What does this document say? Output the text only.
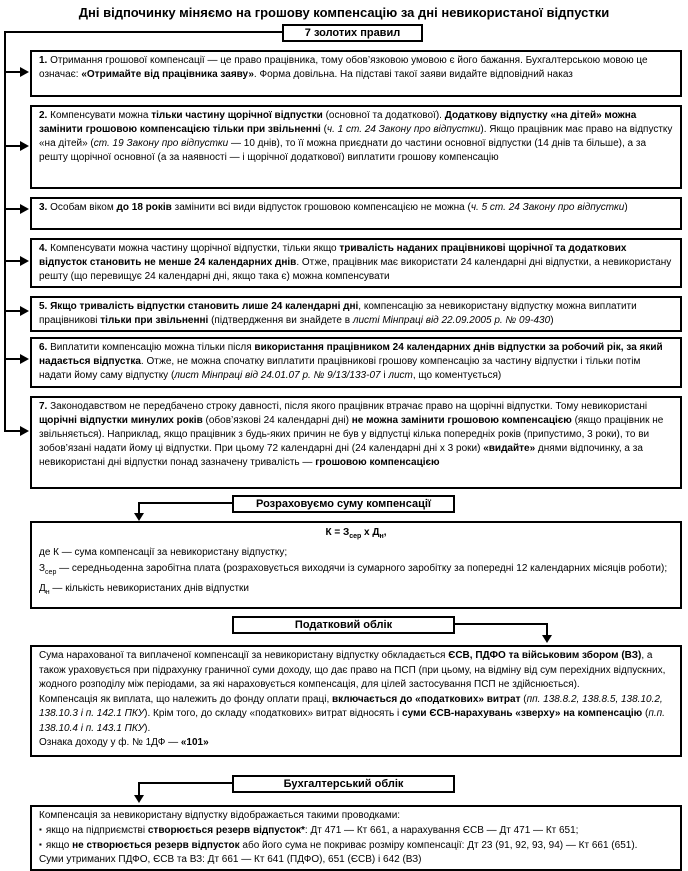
Дні відпочинку міняємо на грошову компенсацію за дні невикористаної відпустки
7 золотих правил
1. Отримання грошової компенсації — це право працівника, тому обов’язковою умовою є його бажання. Бухгалтерською мовою це означає: «Отримайте від працівника заяву». Форма довільна. На підставі такої заяви видайте відповідний наказ
2. Компенсувати можна тільки частину щорічної відпустки (основної та додаткової). Додаткову відпустку «на дітей» можна замінити грошовою компенсацією тільки при звільненні (ч. 1 ст. 24 Закону про відпустки). Якщо працівник має право на відпустку «на дітей» (ст. 19 Закону про відпустки — 10 днів), то її можна приєднати до частини основної відпустки (14 днів та більше), а за решту щорічної основної (а за наявності — і щорічної додаткової) виплатити грошову компенсацію
3. Особам віком до 18 років замінити всі види відпусток грошовою компенсацією не можна (ч. 5 ст. 24 Закону про відпустки)
4. Компенсувати можна частину щорічної відпустки, тільки якщо тривалість наданих працівникові щорічної та додаткових відпусток становить не менше 24 календарних днів. Отже, працівник має використати 24 календарні дні відпустки, а невикористану решту (що перевищує 24 календарні дні, якщо така є) можна компенсувати
5. Якщо тривалість відпустки становить лише 24 календарні дні, компенсацію за невикористану відпустку можна виплатити працівникові тільки при звільненні (підтвердження ви знайдете в листі Мінпраці від 22.09.2005 р. № 09-430)
6. Виплатити компенсацію можна тільки після використання працівником 24 календарних днів відпустки за робочий рік, за який надається відпустка. Отже, не можна спочатку виплатити працівникові грошову компенсацію за частину відпустки і тільки потім надати йому саму відпустку (лист Мінпраці від 24.01.07 р. № 9/13/133-07 і лист, що коментується)
7. Законодавством не передбачено строку давності, після якого працівник втрачає право на щорічні відпустки. Тому невикористані щорічні відпустки минулих років (обов’язкові 24 календарні дні) не можна замінити грошовою компенсацією (якщо працівник не звільняється). Наприклад, якщо працівник з будь-яких причин не був у відпустці кілька попередніх років (припустимо, 3 роки), то ви зобов’язані надати йому ці відпустки. При цьому 72 календарні дні (24 календарні дні х 3 роки) «видайте» днями відпочинку, а за невикористані дні відпустки понад зазначену тривалість — грошовою компенсацією
Розраховуємо суму компенсації
$К = З_{сер}$ х $Д_н$,
де К — сума компенсації за невикористану відпустку;
$З_{сер}$ — середньоденна заробітна плата (розраховується виходячи із сумарного заробітку за попередні 12 календарних місяців роботи);
$Д_н$ — кількість невикористаних днів відпустки
Податковий облік
Сума нарахованої та виплаченої компенсації за невикористану відпустку обкладається ЄСВ, ПДФО та військовим збором (ВЗ), а також ураховується при підрахунку граничної суми доходу, що дає право на ПСП (при цьому, на відміну від сум перехідних відпускних, жодного розподілу між періодами, за які нараховується компенсація, для цілей застосування ПСП не здійснюється).
Компенсація як виплата, що належить до фонду оплати праці, включається до «податкових» витрат (пп. 138.8.2, 138.8.5, 138.10.2, 138.10.3 і п. 142.1 ПКУ). Крім того, до складу «податкових» витрат відносять і суми ЄСВ-нарахувань «зверху» на компенсацію (п.п. 138.10.4 і п. 143.1 ПКУ).
Ознака доходу у ф. № 1ДФ — «101»
Бухгалтерський облік
Компенсація за невикористану відпустку відображається такими проводками:
▪ якщо на підприємстві створюється резерв відпусток*: Дт 471 — Кт 661, а нарахування ЄСВ — Дт 471 — Кт 651;
▪ якщо не створюється резерв відпусток або його сума не покриває розміру компенсації: Дт 23 (91, 92, 93, 94) — Кт 661 (651).
Суми утриманих ПДФО, ЄСВ та ВЗ: Дт 661 — Кт 641 (ПДФО), 651 (ЄСВ) і 642 (ВЗ)
